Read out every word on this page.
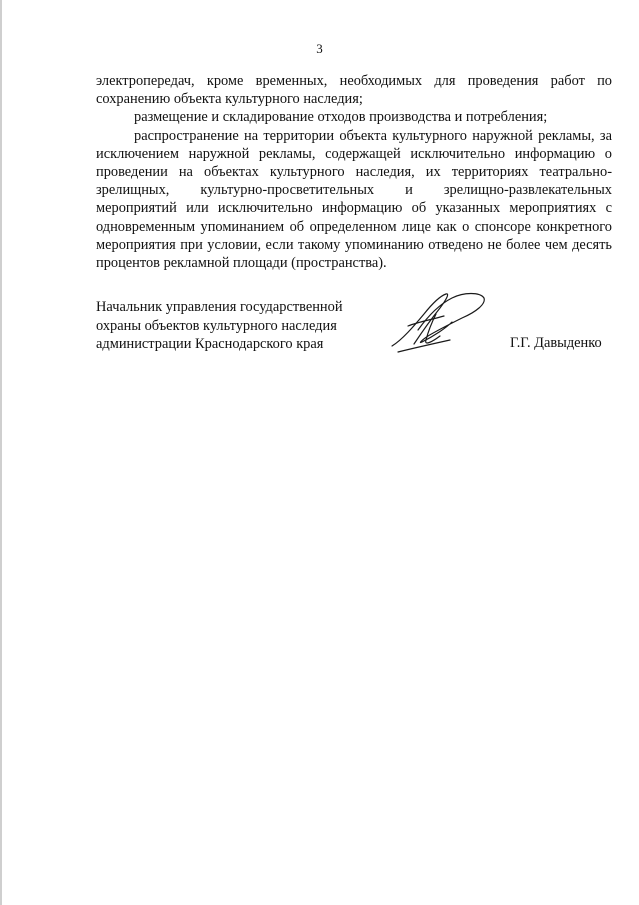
3

электропередач, кроме временных, необходимых для проведения работ по сохранению объекта культурного наследия;

размещение и складирование отходов производства и потребления;

распространение на территории объекта культурного наружной рекламы, за исключением наружной рекламы, содержащей исключительно информацию о проведении на объектах культурного наследия, их территориях театрально-зрелищных, культурно-просветительных и зрелищно-развлекательных мероприятий или исключительно информацию об указанных мероприятиях с одновременным упоминанием об определенном лице как о спонсоре конкретного мероприятия при условии, если такому упоминанию отведено не более чем десять процентов рекламной площади (пространства).

Начальник управления государственной
охраны объектов культурного наследия
администрации Краснодарского края	Г.Г. Давыденко
